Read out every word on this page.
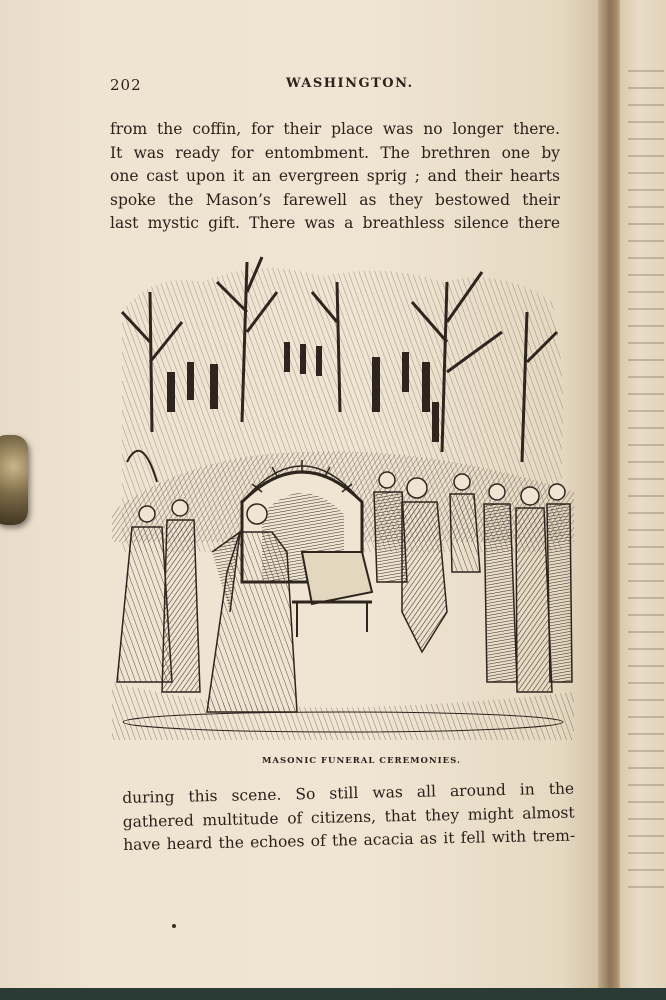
202	WASHINGTON.
from the coffin, for their place was no longer there.
It was ready for entombment. The brethren one by
one cast upon it an evergreen sprig ; and their hearts
spoke the Mason’s farewell as they bestowed their
last mystic gift. There was a breathless silence there
MASONIC FUNERAL CEREMONIES.
during this scene. So still was all around in the
gathered multitude of citizens, that they might almost
have heard the echoes of the acacia as it fell with trem-
